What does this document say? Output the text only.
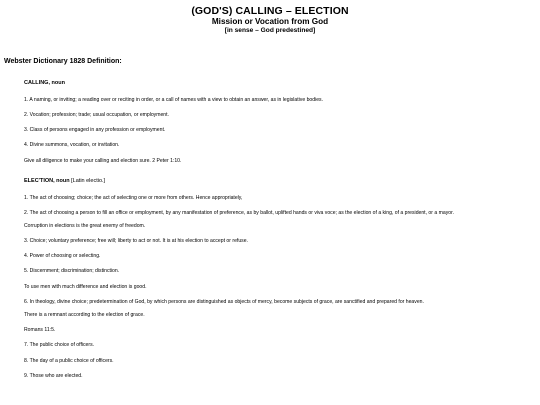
(GOD'S) CALLING – ELECTION
Mission or Vocation from God
[in sense – God predestined]
Webster Dictionary 1828 Definition:

CALLING, noun

1. A naming, or inviting; a reading over or reciting in order, or a call of names with a view to obtain an answer, as in legislative bodies.

2. Vocation; profession; trade; usual occupation, or employment.

3. Class of persons engaged in any profession or employment.

4. Divine summons, vocation, or invitation.

Give all diligence to make your calling and election sure. 2 Peter 1:10.

ELEC'TION, noun [Latin electio.]

1. The act of choosing; choice; the act of selecting one or more from others. Hence appropriately,

2. The act of choosing a person to fill an office or employment, by any manifestation of preference, as by ballot, uplifted hands or viva voce; as the election of a king, of a president, or a mayor.

Corruption in elections is the great enemy of freedom.

3. Choice; voluntary preference; free will; liberty to act or not. It is at his election to accept or refuse.

4. Power of choosing or selecting.

5. Discernment; discrimination; distinction.

To use men with much difference and election is good.

6. In theology, divine choice; predetermination of God, by which persons are distinguished as objects of mercy, become subjects of grace, are sanctified and prepared for heaven.

There is a remnant according to the election of grace.

Romans 11:5.

7. The public choice of officers.

8. The day of a public choice of officers.

9. Those who are elected.
